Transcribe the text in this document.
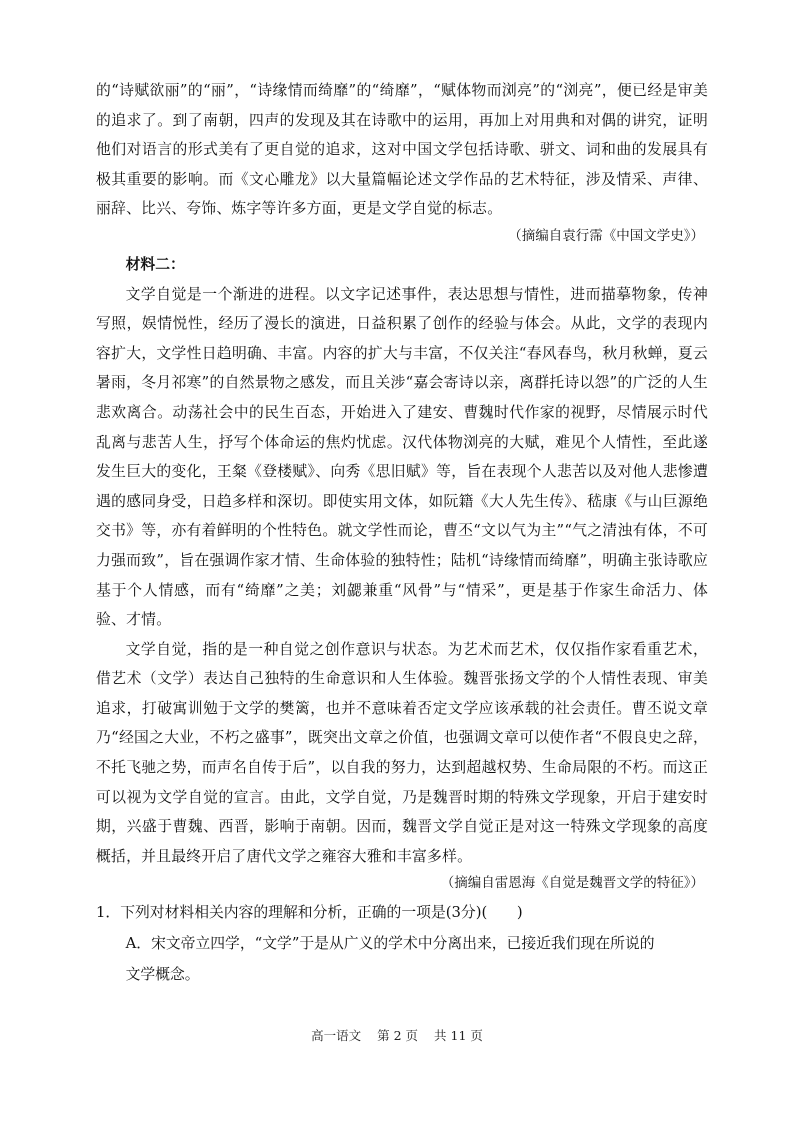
的“诗赋欲丽”的“丽”，“诗缘情而绮靡”的“绮靡”，“赋体物而浏亮”的“浏亮”，便已经是审美的追求了。到了南朝，四声的发现及其在诗歌中的运用，再加上对用典和对偶的讲究，证明他们对语言的形式美有了更自觉的追求，这对中国文学包括诗歌、骈文、词和曲的发展具有极其重要的影响。而《文心雕龙》以大量篇幅论述文学作品的艺术特征，涉及情采、声律、丽辞、比兴、夸饰、炼字等许多方面，更是文学自觉的标志。

（摘编自袁行霈《中国文学史》）

材料二：

文学自觉是一个渐进的进程。以文字记述事件，表达思想与情性，进而描摹物象，传神写照，娱情悦性，经历了漫长的演进，日益积累了创作的经验与体会。从此，文学的表现内容扩大，文学性日趋明确、丰富。内容的扩大与丰富，不仅关注“春风春鸟，秋月秋蝉，夏云暑雨，冬月祁寒”的自然景物之感发，而且关涉“嘉会寄诗以亲，离群托诗以怨”的广泛的人生悲欢离合。动荡社会中的民生百态，开始进入了建安、曹魏时代作家的视野，尽情展示时代乱离与悲苦人生，抒写个体命运的焦灼忧虑。汉代体物浏亮的大赋，难见个人情性，至此遂发生巨大的变化，王粲《登楼赋》、向秀《思旧赋》等，旨在表现个人悲苦以及对他人悲惨遭遇的感同身受，日趋多样和深切。即使实用文体，如阮籍《大人先生传》、嵇康《与山巨源绝交书》等，亦有着鲜明的个性特色。就文学性而论，曹丕“文以气为主”“气之清浊有体，不可力强而致”，旨在强调作家才情、生命体验的独特性；陆机“诗缘情而绮靡”，明确主张诗歌应基于个人情感，而有“绮靡”之美；刘勰兼重“风骨”与“情采”，更是基于作家生命活力、体验、才情。

文学自觉，指的是一种自觉之创作意识与状态。为艺术而艺术，仅仅指作家看重艺术，借艺术（文学）表达自己独特的生命意识和人生体验。魏晋张扬文学的个人情性表现、审美追求，打破寓训勉于文学的樊篱，也并不意味着否定文学应该承载的社会责任。曹丕说文章乃“经国之大业，不朽之盛事”，既突出文章之价值，也强调文章可以使作者“不假良史之辞，不托飞驰之势，而声名自传于后”，以自我的努力，达到超越权势、生命局限的不朽。而这正可以视为文学自觉的宣言。由此，文学自觉，乃是魏晋时期的特殊文学现象，开启于建安时期，兴盛于曹魏、西晋，影响于南朝。因而，魏晋文学自觉正是对这一特殊文学现象的高度概括，并且最终开启了唐代文学之雍容大雅和丰富多样。

（摘编自雷恩海《自觉是魏晋文学的特征》）

1．下列对材料相关内容的理解和分析，正确的一项是(3分)(　　)

A．宋文帝立四学，“文学”于是从广义的学术中分离出来，已接近我们现在所说的

文学概念。

高一语文 第 2 页 共 11 页
